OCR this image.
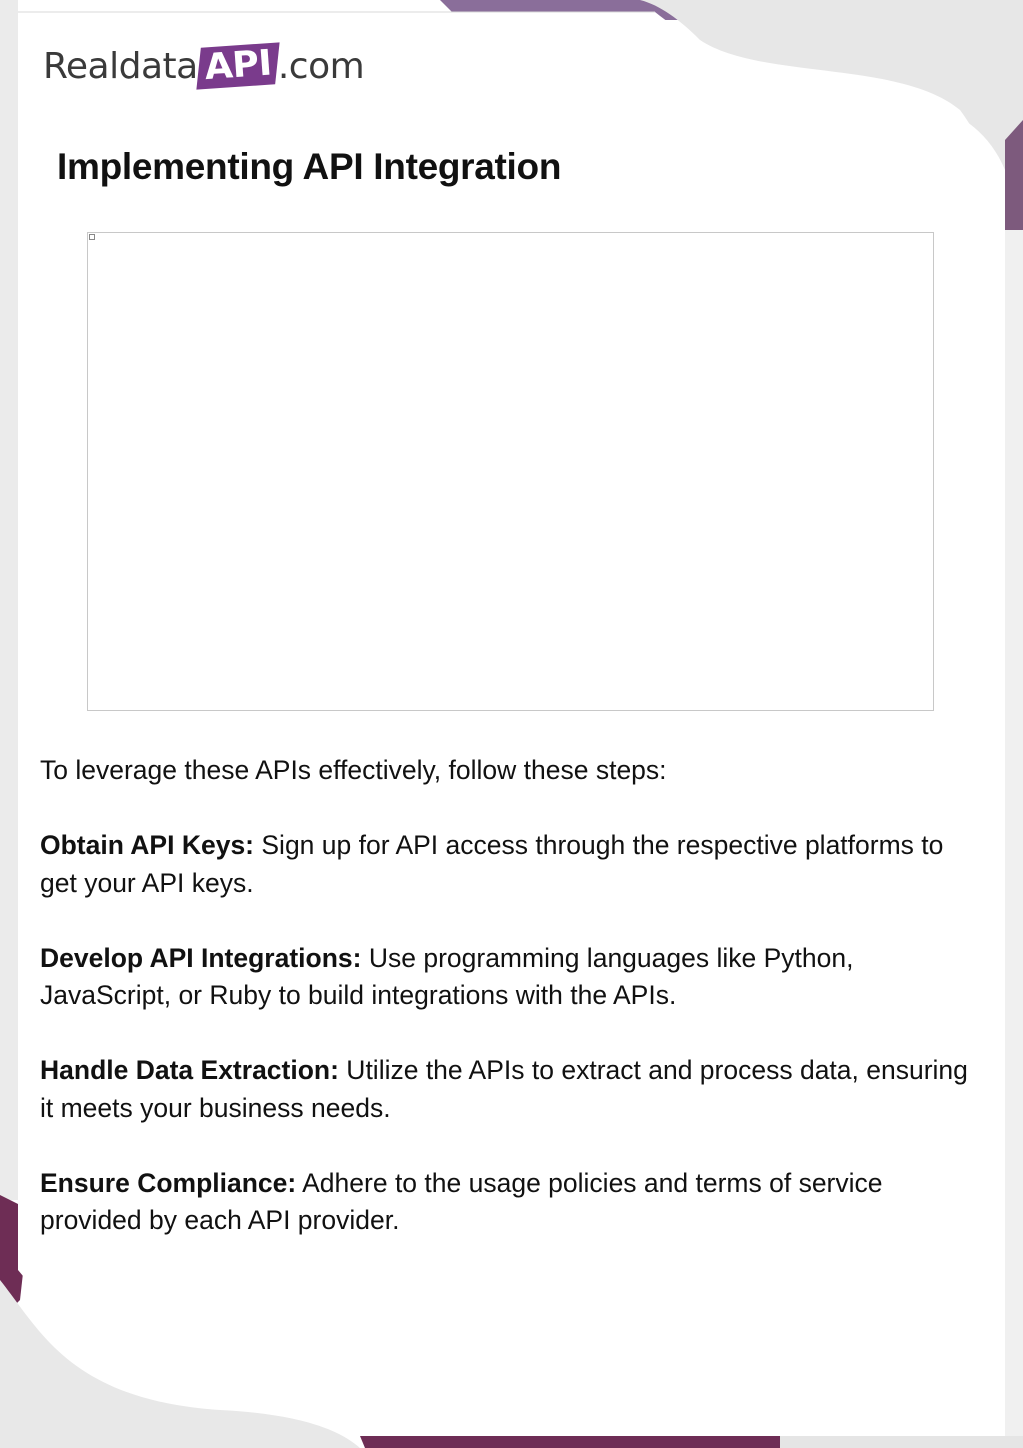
Realdata API .com
Implementing API Integration

To leverage these APIs effectively, follow these steps:

Obtain API Keys: Sign up for API access through the respective platforms to get your API keys.

Develop API Integrations: Use programming languages like Python, JavaScript, or Ruby to build integrations with the APIs.

Handle Data Extraction: Utilize the APIs to extract and process data, ensuring it meets your business needs.

Ensure Compliance: Adhere to the usage policies and terms of service provided by each API provider.
